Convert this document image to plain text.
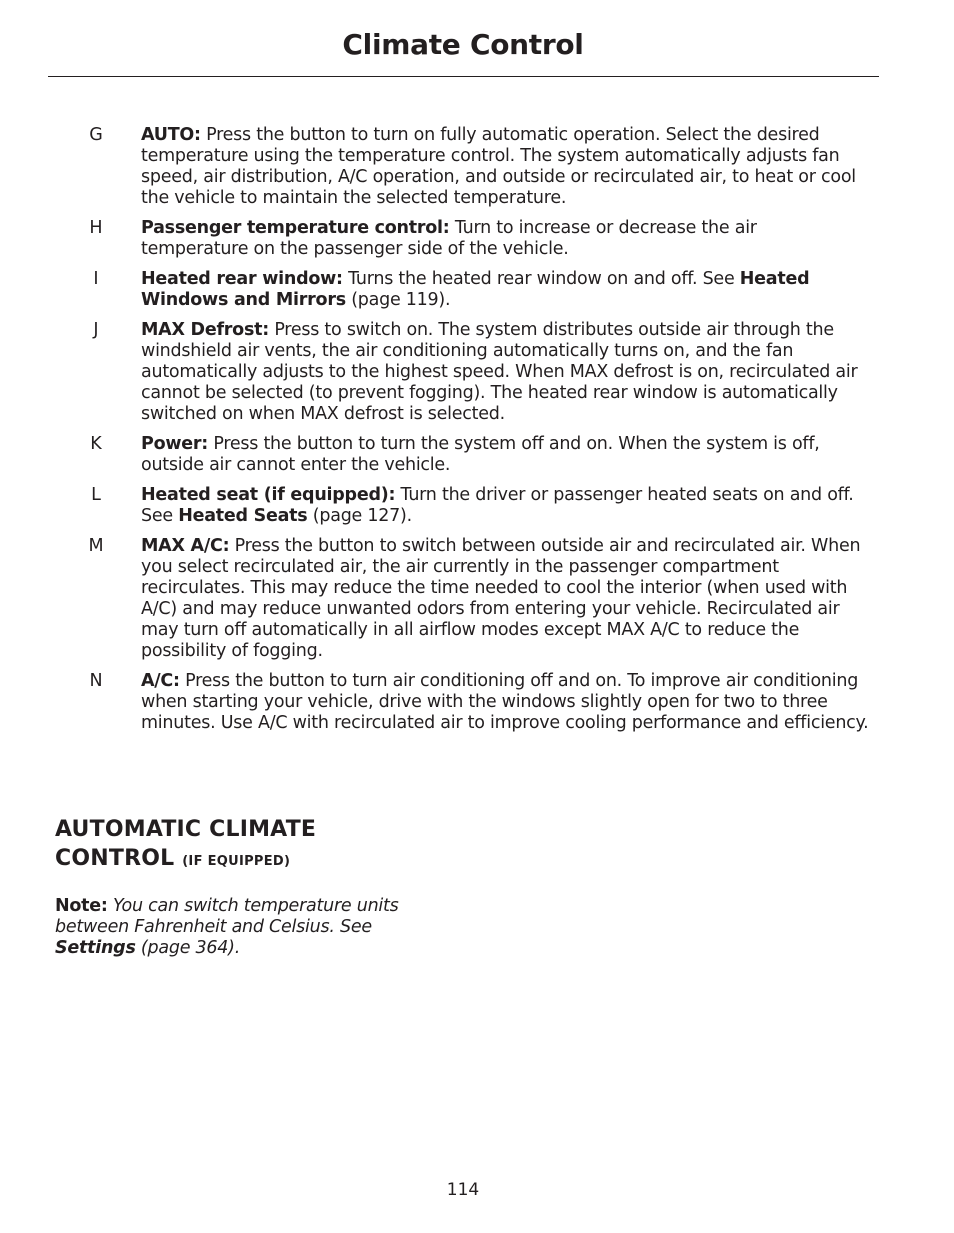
Climate Control
G AUTO: Press the button to turn on fully automatic operation. Select the desired temperature using the temperature control. The system automatically adjusts fan speed, air distribution, A/C operation, and outside or recirculated air, to heat or cool the vehicle to maintain the selected temperature.
H Passenger temperature control: Turn to increase or decrease the air temperature on the passenger side of the vehicle.
I	Heated rear window: Turns the heated rear window on and off. See Heated Windows and Mirrors (page 119).
J	MAX Defrost: Press to switch on. The system distributes outside air through the windshield air vents, the air conditioning automatically turns on, and the fan automatically adjusts to the highest speed. When MAX defrost is on, recirculated air cannot be selected (to prevent fogging). The heated rear window is automatically switched on when MAX defrost is selected.
K Power: Press the button to turn the system off and on. When the system is off, outside air cannot enter the vehicle.
L Heated seat (if equipped): Turn the driver or passenger heated seats on and off. See Heated Seats (page 127).
M MAX A/C: Press the button to switch between outside air and recirculated air. When you select recirculated air, the air currently in the passenger compartment recirculates. This may reduce the time needed to cool the interior (when used with A/C) and may reduce unwanted odors from entering your vehicle. Recirculated air may turn off automatically in all airflow modes except MAX A/C to reduce the possibility of fogging.
N A/C: Press the button to turn air conditioning off and on. To improve air conditioning when starting your vehicle, drive with the windows slightly open for two to three minutes. Use A/C with recirculated air to improve cooling performance and efficiency.
AUTOMATIC CLIMATE
CONTROL (IF EQUIPPED)
Note: You can switch temperature units between Fahrenheit and Celsius. See Settings (page 364).
114
